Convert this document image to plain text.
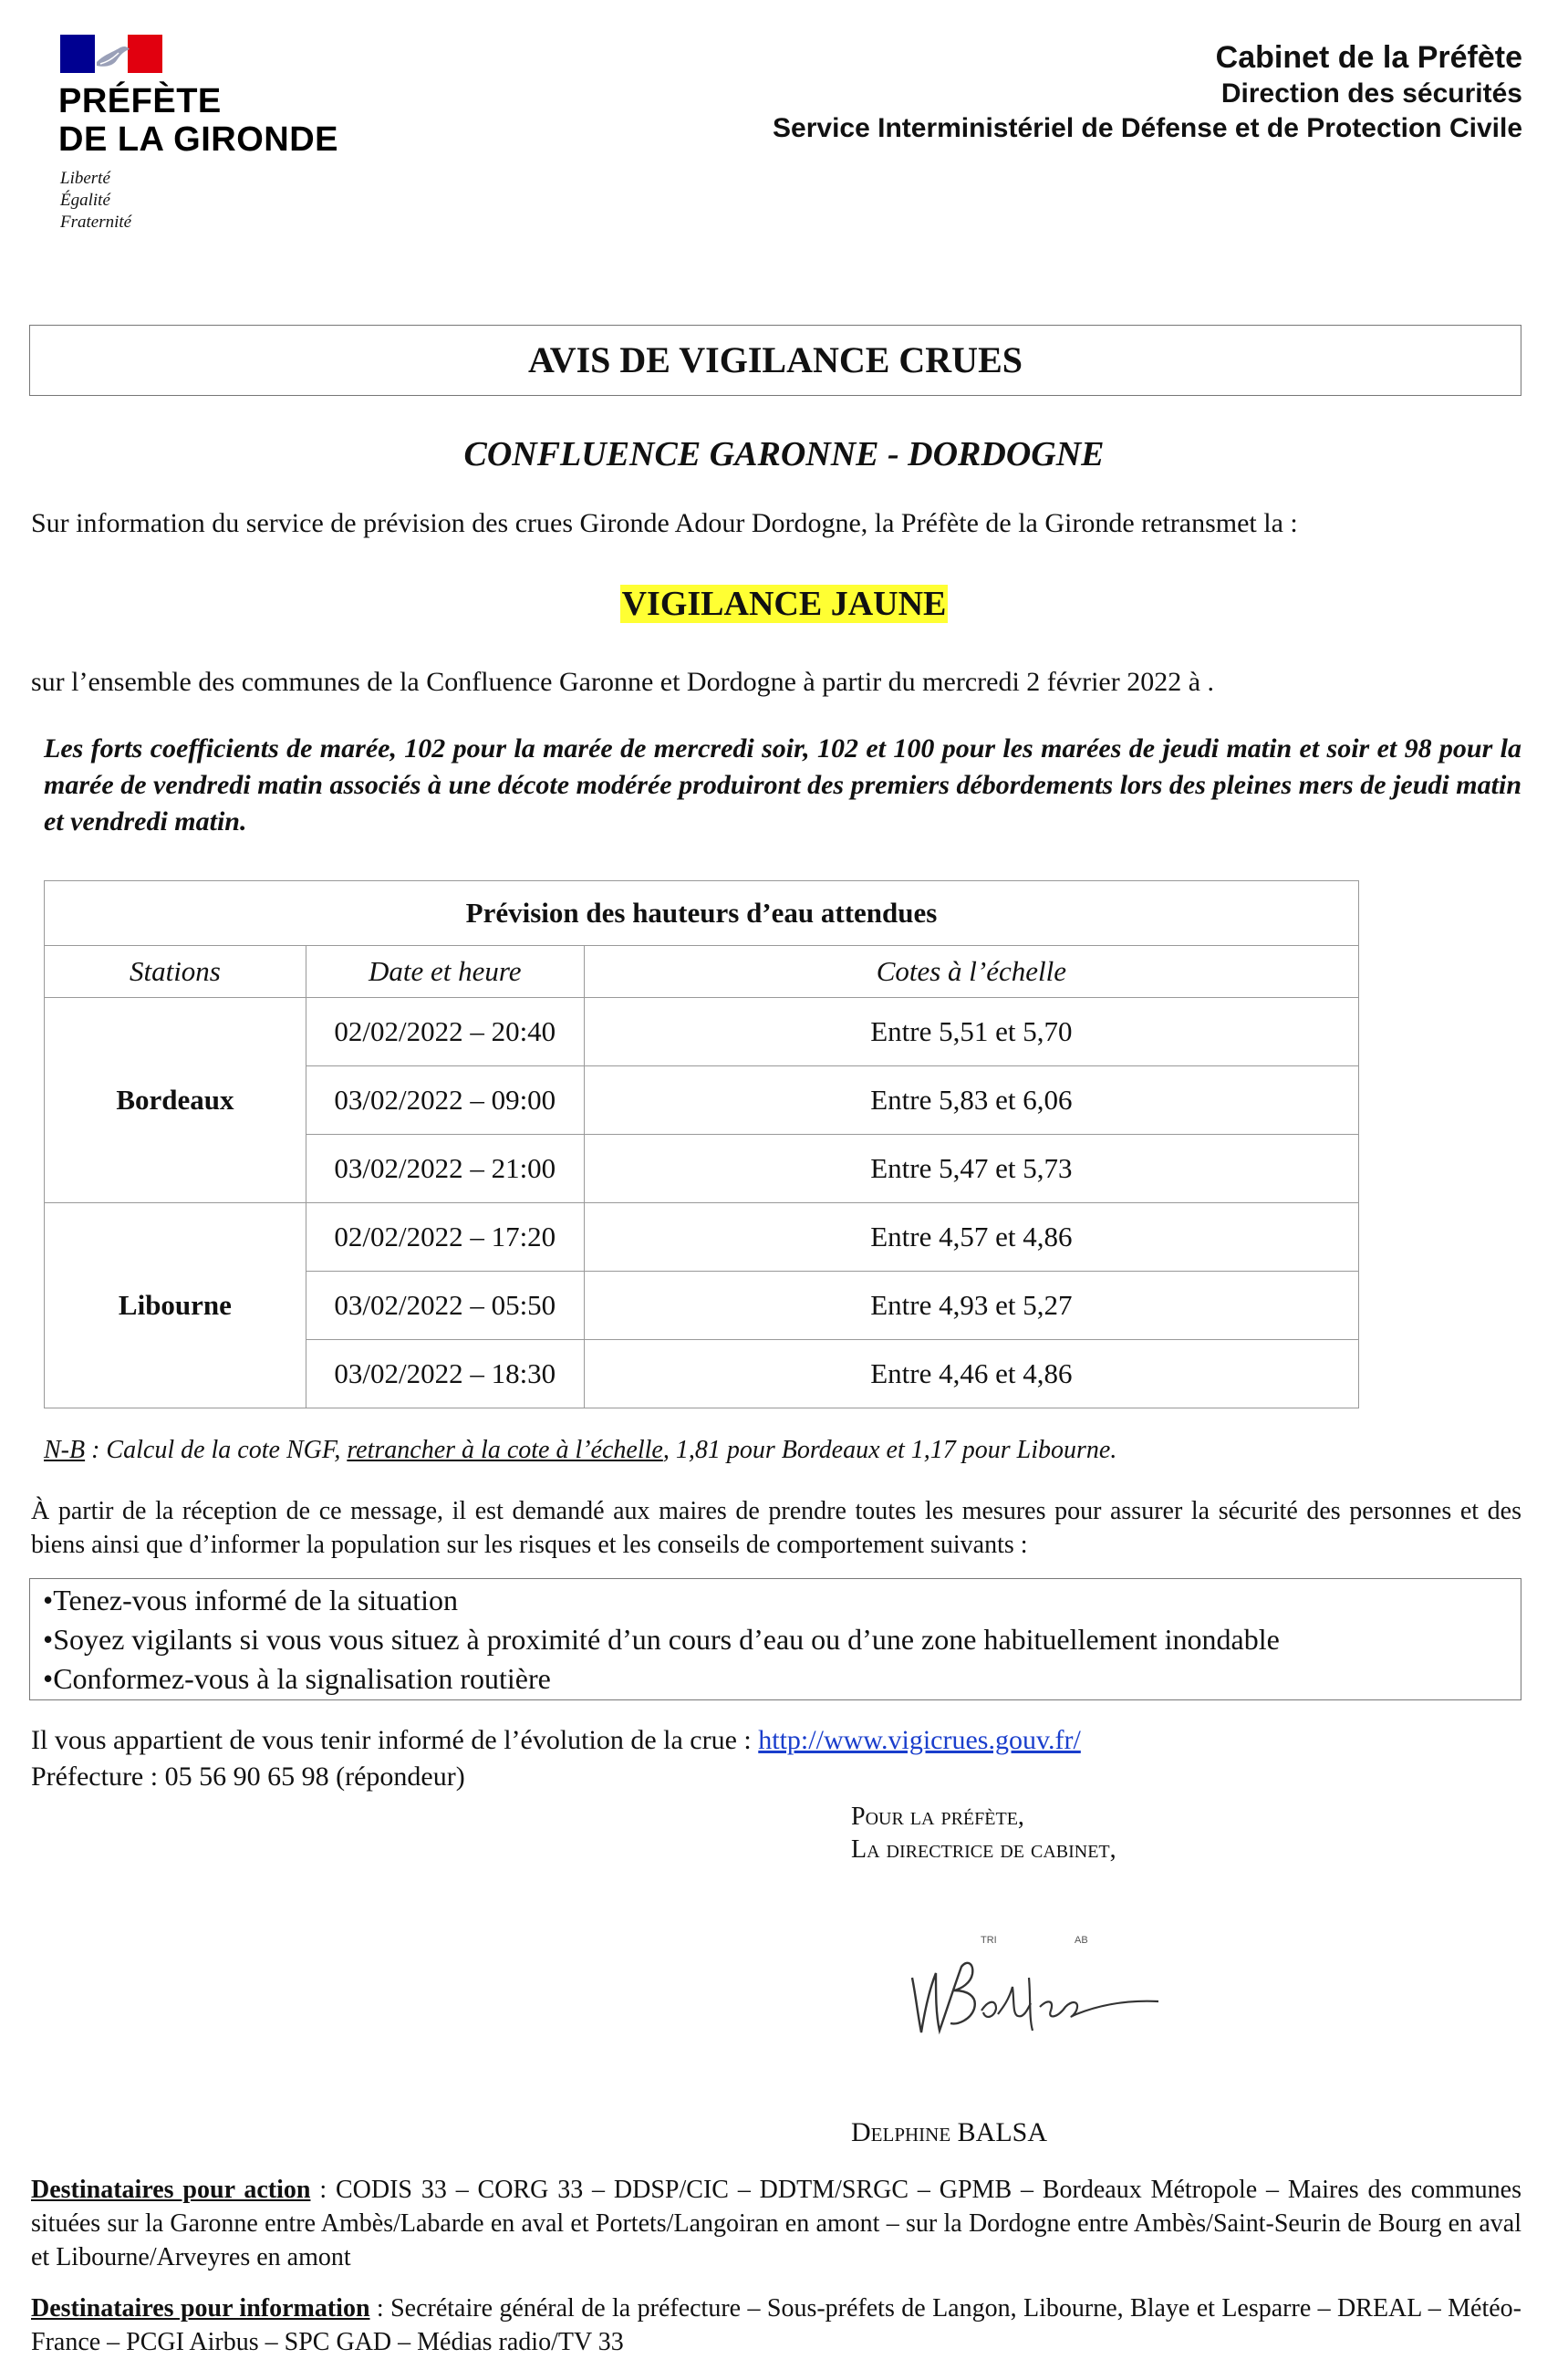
PRÉFÈTE
DE LA GIRONDE
Liberté
Égalité
Fraternité
Cabinet de la Préfète
Direction des sécurités
Service Interministériel de Défense et de Protection Civile
AVIS DE VIGILANCE CRUES
CONFLUENCE GARONNE - DORDOGNE
Sur information du service de prévision des crues Gironde Adour Dordogne, la Préfète de la Gironde retransmet la :
VIGILANCE JAUNE
sur l’ensemble des communes de la Confluence Garonne et Dordogne à partir du mercredi 2 février 2022 à .
Les forts coefficients de marée, 102 pour la marée de mercredi soir, 102 et 100 pour les marées de jeudi matin et soir et 98 pour la marée de vendredi matin associés à une décote modérée produiront des premiers débordements lors des pleines mers de jeudi matin et vendredi matin.
Prévision des hauteurs d’eau attendues		
Stations	Date et heure	Cotes à l’échelle
Bordeaux	02/02/2022 – 20:40	Entre 5,51 et 5,70
	03/02/2022 – 09:00	Entre 5,83 et 6,06
	03/02/2022 – 21:00	Entre 5,47 et 5,73
Libourne	02/02/2022 – 17:20	Entre 4,57 et 4,86
	03/02/2022 – 05:50	Entre 4,93 et 5,27
	03/02/2022 – 18:30	Entre 4,46 et 4,86
N-B : Calcul de la cote NGF, retrancher à la cote à l’échelle, 1,81 pour Bordeaux et 1,17 pour Libourne.
À partir de la réception de ce message, il est demandé aux maires de prendre toutes les mesures pour assurer la sécurité des personnes et des biens ainsi que d’informer la population sur les risques et les conseils de comportement suivants :
•Tenez-vous informé de la situation
•Soyez vigilants si vous vous situez à proximité d’un cours d’eau ou d’une zone habituellement inondable
•Conformez-vous à la signalisation routière
Il vous appartient de vous tenir informé de l’évolution de la crue : http://www.vigicrues.gouv.fr/
Préfecture : 05 56 90 65 98 (répondeur)
Pour la préfète,
La directrice de cabinet,
TRI	AB
Delphine BALSA
Destinataires pour action : CODIS 33 – CORG 33 – DDSP/CIC – DDTM/SRGC – GPMB – Bordeaux Métropole – Maires des communes situées sur la Garonne entre Ambès/Labarde en aval et Portets/Langoiran en amont – sur la Dordogne entre Ambès/Saint-Seurin de Bourg en aval et Libourne/Arveyres en amont
Destinataires pour information : Secrétaire général de la préfecture – Sous-préfets de Langon, Libourne, Blaye et Lesparre – DREAL – Météo-France – PCGI Airbus – SPC GAD – Médias radio/TV 33
